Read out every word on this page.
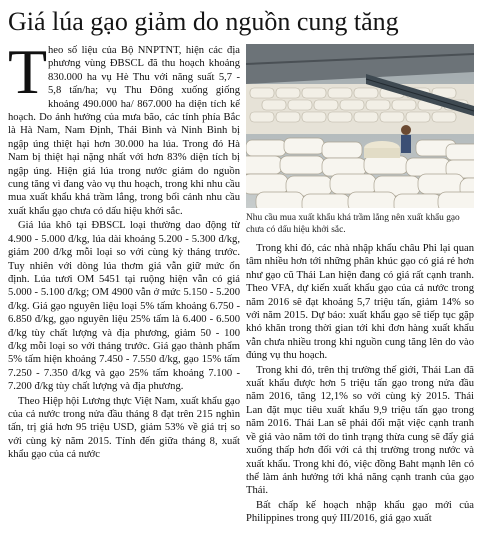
Giá lúa gạo giảm do nguồn cung tăng

Theo số liệu của Bộ NNPTNT, hiện các địa phương vùng ĐBSCL đã thu hoạch khoảng 830.000 ha vụ Hè Thu với năng suất 5,7 - 5,8 tấn/ha; vụ Thu Đông xuống giống khoảng 490.000 ha/ 867.000 ha diện tích kế hoạch. Do ảnh hưởng của mưa bão, các tỉnh phía Bắc là Hà Nam, Nam Định, Thái Bình và Ninh Bình bị ngập úng thiệt hại hơn 30.000 ha lúa. Trong đó Hà Nam bị thiệt hại nặng nhất với hơn 83% diện tích bị ngập úng. Hiện giá lúa trong nước giảm do nguồn cung tăng vì đang vào vụ thu hoạch, trong khi nhu cầu mua xuất khẩu khá trầm lắng, trong bối cảnh nhu cầu xuất khẩu gạo chưa có dấu hiệu khởi sắc.

Giá lúa khô tại ĐBSCL loại thường dao động từ 4.900 - 5.000 đ/kg, lúa dài khoảng 5.200 - 5.300 đ/kg, giảm 200 đ/kg mỗi loại so với cùng kỳ tháng trước. Tuy nhiên với dòng lúa thơm giá vẫn giữ mức ổn định. Lúa tươi OM 5451 tại ruộng hiện vẫn có giá 5.000 - 5.100 đ/kg; OM 4900 vẫn ở mức 5.150 - 5.200 đ/kg. Giá gạo nguyên liệu loại 5% tấm khoảng 6.750 - 6.850 đ/kg, gạo nguyên liệu 25% tấm là 6.400 - 6.500 đ/kg tùy chất lượng và địa phương, giảm 50 - 100 đ/kg mỗi loại so với tháng trước. Giá gạo thành phẩm 5% tấm hiện khoảng 7.450 - 7.550 đ/kg, gạo 15% tấm 7.250 - 7.350 đ/kg và gạo 25% tấm khoảng 7.100 - 7.200 đ/kg tùy chất lượng và địa phương.

Theo Hiệp hội Lương thực Việt Nam, xuất khẩu gạo của cả nước trong nửa đầu tháng 8 đạt trên 215 nghìn tấn, trị giá hơn 95 triệu USD, giảm 53% về giá trị so với cùng kỳ năm 2015. Tính đến giữa tháng 8, xuất khẩu gạo của cả nước

Nhu cầu mua xuất khẩu khá trầm lắng nên xuất khẩu gạo chưa có dấu hiệu khởi sắc.

Trong khi đó, các nhà nhập khẩu châu Phi lại quan tâm nhiều hơn tới những phân khúc gạo có giá rẻ hơn như gạo cũ Thái Lan hiện đang có giá rất cạnh tranh. Theo VFA, dự kiến xuất khẩu gạo của cả nước trong năm 2016 sẽ đạt khoảng 5,7 triệu tấn, giảm 14% so với năm 2015. Dự báo: xuất khẩu gạo sẽ tiếp tục gặp khó khăn trong thời gian tới khi đơn hàng xuất khẩu vẫn chưa nhiều trong khi nguồn cung tăng lên do vào đúng vụ thu hoạch.

Trong khi đó, trên thị trường thế giới, Thái Lan đã xuất khẩu được hơn 5 triệu tấn gạo trong nửa đầu năm 2016, tăng 12,1% so với cùng kỳ 2015. Thái Lan đặt mục tiêu xuất khẩu 9,9 triệu tấn gạo trong năm 2016. Thái Lan sẽ phải đối mặt việc cạnh tranh về giá vào năm tới do tình trạng thừa cung sẽ đẩy giá xuống thấp hơn đối với cả thị trường trong nước và xuất khẩu. Trong khi đó, việc đồng Baht mạnh lên có thể làm ảnh hưởng tới khả năng cạnh tranh của gạo Thái.

Bất chấp kế hoạch nhập khẩu gạo mới của Philippines trong quý III/2016, giá gạo xuất
